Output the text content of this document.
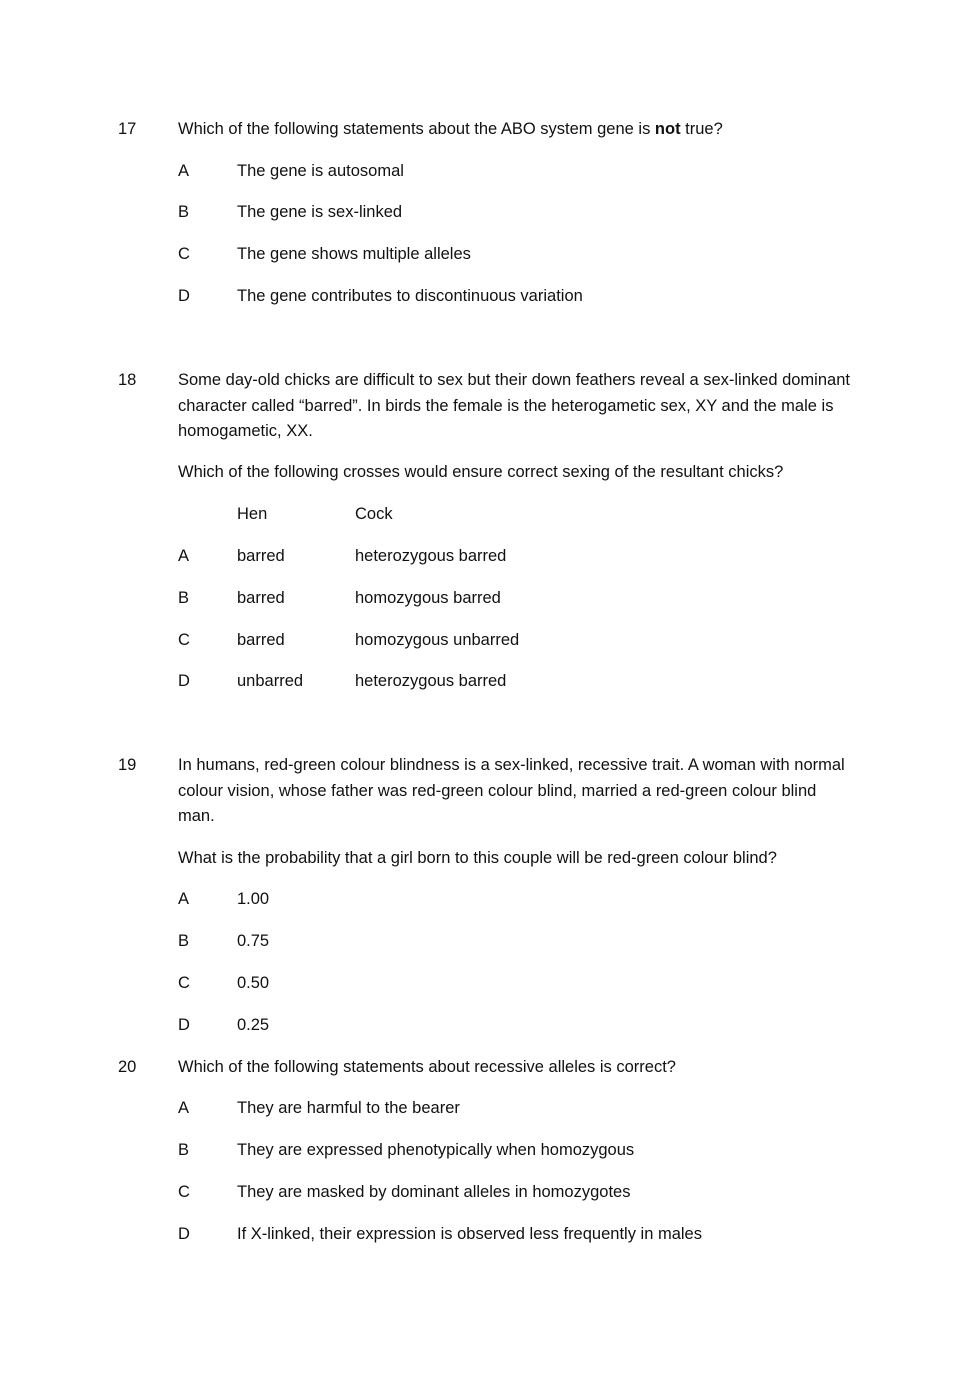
17	Which of the following statements about the ABO system gene is not true?
A	The gene is autosomal
B	The gene is sex-linked
C	The gene shows multiple alleles
D	The gene contributes to discontinuous variation
18	Some day-old chicks are difficult to sex but their down feathers reveal a sex-linked dominant
character called “barred”. In birds the female is the heterogametic sex, XY and the male is
homogametic, XX.
Which of the following crosses would ensure correct sexing of the resultant chicks?
Hen	Cock
A	barred	heterozygous barred
B	barred	homozygous barred
C	barred	homozygous unbarred
D	unbarred	heterozygous barred
19	In humans, red-green colour blindness is a sex-linked, recessive trait. A woman with normal
colour vision, whose father was red-green colour blind, married a red-green colour blind
man.
What is the probability that a girl born to this couple will be red-green colour blind?
A	1.00
B	0.75
C	0.50
D	0.25
20	Which of the following statements about recessive alleles is correct?
A	They are harmful to the bearer
B	They are expressed phenotypically when homozygous
C	They are masked by dominant alleles in homozygotes
D	If X-linked, their expression is observed less frequently in males
